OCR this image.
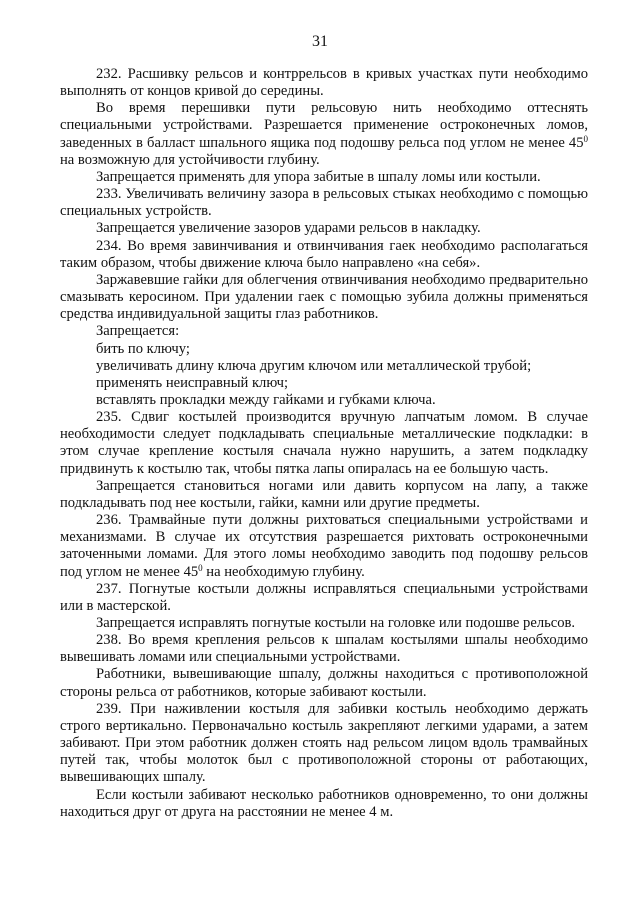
31

232. Расшивку рельсов и контррельсов в кривых участках пути необходимо выполнять от концов кривой до середины.

Во время перешивки пути рельсовую нить необходимо оттеснять специальными устройствами. Разрешается применение остроконечных ломов, заведенных в балласт шпального ящика под подошву рельса под углом не менее $45^0$ на возможную для устойчивости глубину.

Запрещается применять для упора забитые в шпалу ломы или костыли.

233. Увеличивать величину зазора в рельсовых стыках необходимо с помощью специальных устройств.

Запрещается увеличение зазоров ударами рельсов в накладку.

234. Во время завинчивания и отвинчивания гаек необходимо располагаться таким образом, чтобы движение ключа было направлено «на себя».

Заржавевшие гайки для облегчения отвинчивания необходимо предварительно смазывать керосином. При удалении гаек с помощью зубила должны применяться средства индивидуальной защиты глаз работников.

Запрещается:

бить по ключу;

увеличивать длину ключа другим ключом или металлической трубой;

применять неисправный ключ;

вставлять прокладки между гайками и губками ключа.

235. Сдвиг костылей производится вручную лапчатым ломом. В случае необходимости следует подкладывать специальные металлические подкладки: в этом случае крепление костыля сначала нужно нарушить, а затем подкладку придвинуть к костылю так, чтобы пятка лапы опиралась на ее большую часть.

Запрещается становиться ногами или давить корпусом на лапу, а также подкладывать под нее костыли, гайки, камни или другие предметы.

236. Трамвайные пути должны рихтоваться специальными устройствами и механизмами. В случае их отсутствия разрешается рихтовать остроконечными заточенными ломами. Для этого ломы необходимо заводить под подошву рельсов под углом не менее $45^0$ на необходимую глубину.

237. Погнутые костыли должны исправляться специальными устройствами или в мастерской.

Запрещается исправлять погнутые костыли на головке или подошве рельсов.

238. Во время крепления рельсов к шпалам костылями шпалы необходимо вывешивать ломами или специальными устройствами.

Работники, вывешивающие шпалу, должны находиться с противоположной стороны рельса от работников, которые забивают костыли.

239. При наживлении костыля для забивки костыль необходимо держать строго вертикально. Первоначально костыль закрепляют легкими ударами, а затем забивают. При этом работник должен стоять над рельсом лицом вдоль трамвайных путей так, чтобы молоток был с противоположной стороны от работающих, вывешивающих шпалу.

Если костыли забивают несколько работников одновременно, то они должны находиться друг от друга на расстоянии не менее 4 м.
